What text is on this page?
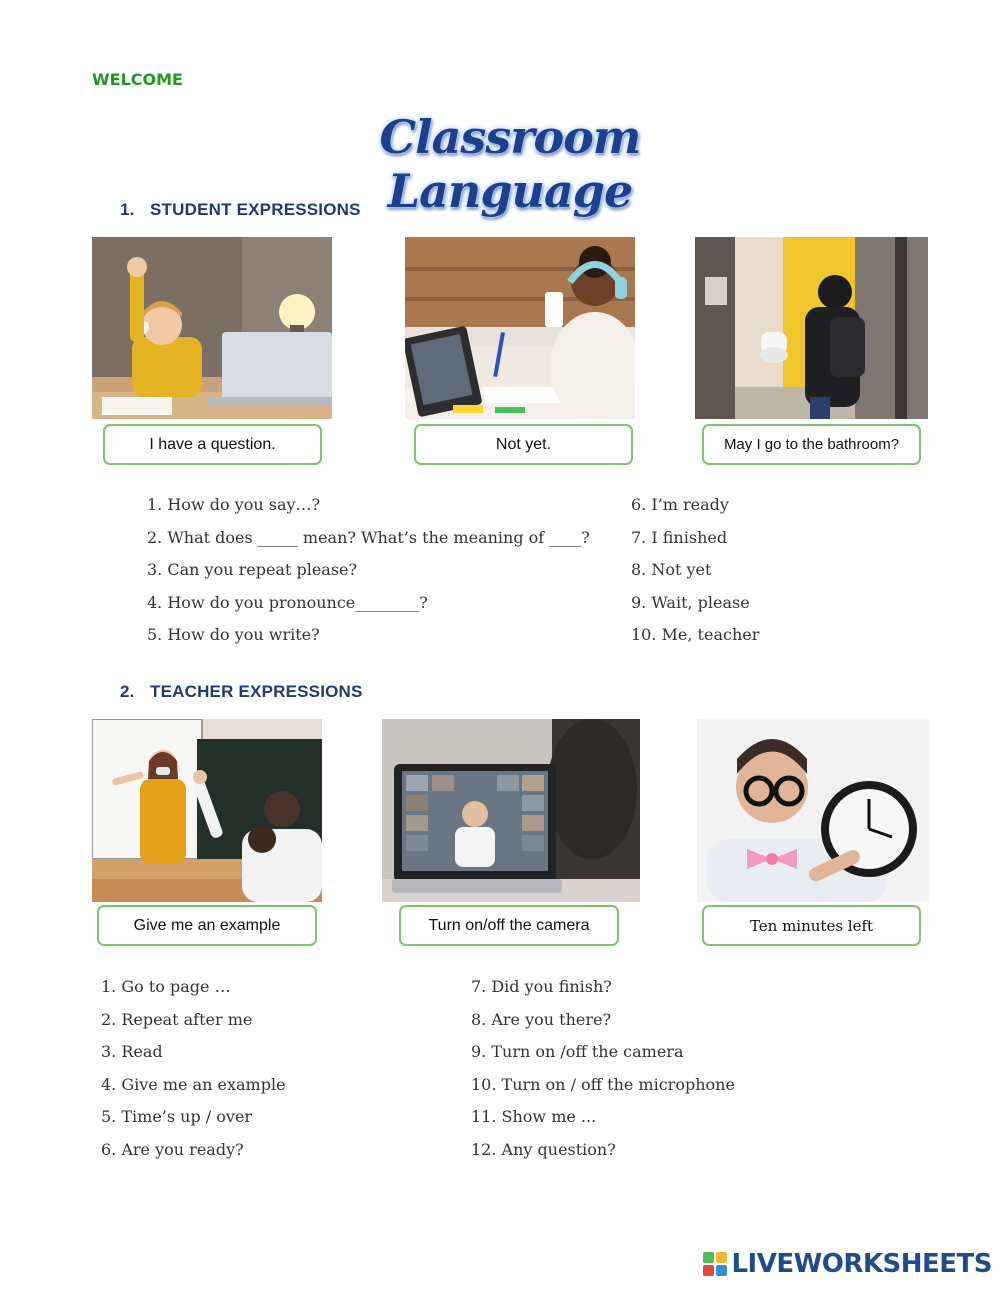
WELCOME
Classroom Language
1. STUDENT EXPRESSIONS
I have a question.	Not yet.	May I go to the bathroom?
1. How do you say…?
2. What does _____ mean? What’s the meaning of ____?
3. Can you repeat please?
4. How do you pronounce________?
5. How do you write?
6. I’m ready
7. I finished
8. Not yet
9. Wait, please
10. Me, teacher
2. TEACHER EXPRESSIONS
Give me an example	Turn on/off the camera	Ten minutes left
1. Go to page …
2. Repeat after me
3. Read
4. Give me an example
5. Time’s up / over
6. Are you ready?
7. Did you finish?
8. Are you there?
9. Turn on /off the camera
10. Turn on / off the microphone
11. Show me ...
12. Any question?
LIVEWORKSHEETS
